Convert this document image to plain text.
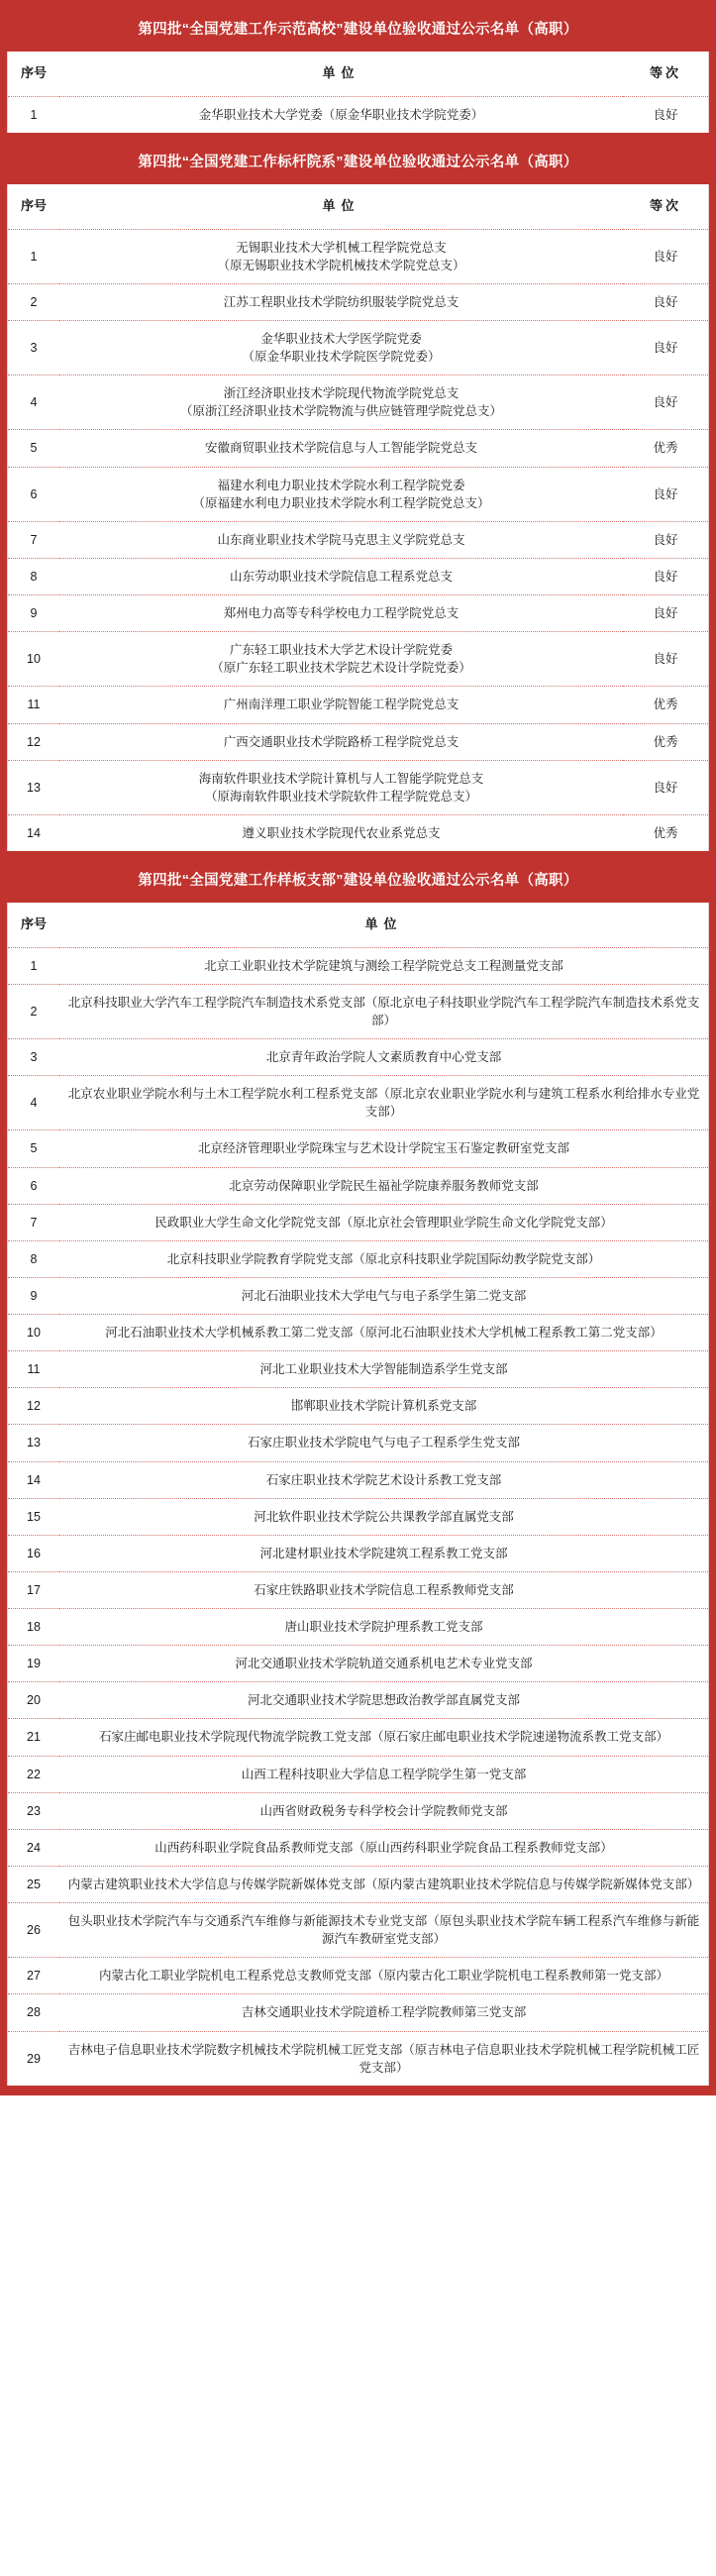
第四批“全国党建工作示范高校”建设单位验收通过公示名单（高职）
序号	单位	等次
1	金华职业技术大学党委（原金华职业技术学院党委）	良好
第四批“全国党建工作标杆院系”建设单位验收通过公示名单（高职）
序号	单位	等次
1	无锡职业技术大学机械工程学院党总支
（原无锡职业技术学院机械技术学院党总支）	良好
2	江苏工程职业技术学院纺织服装学院党总支	良好
3	金华职业技术大学医学院党委
（原金华职业技术学院医学院党委）	良好
4	浙江经济职业技术学院现代物流学院党总支
（原浙江经济职业技术学院物流与供应链管理学院党总支）	良好
5	安徽商贸职业技术学院信息与人工智能学院党总支	优秀
6	福建水利电力职业技术学院水利工程学院党委
（原福建水利电力职业技术学院水利工程学院党总支）	良好
7	山东商业职业技术学院马克思主义学院党总支	良好
8	山东劳动职业技术学院信息工程系党总支	良好
9	郑州电力高等专科学校电力工程学院党总支	良好
10	广东轻工职业技术大学艺术设计学院党委
（原广东轻工职业技术学院艺术设计学院党委）	良好
11	广州南洋理工职业学院智能工程学院党总支	优秀
12	广西交通职业技术学院路桥工程学院党总支	优秀
13	海南软件职业技术学院计算机与人工智能学院党总支
（原海南软件职业技术学院软件工程学院党总支）	良好
14	遵义职业技术学院现代农业系党总支	优秀
第四批“全国党建工作样板支部”建设单位验收通过公示名单（高职）
序号	单位
1	北京工业职业技术学院建筑与测绘工程学院党总支工程测量党支部

2	北京科技职业大学汽车工程学院汽车制造技术系党支部（原北京电子科技职业学院汽车工程学院汽车制造技术系党支部）

3	北京青年政治学院人文素质教育中心党支部

4	北京农业职业学院水利与土木工程学院水利工程系党支部（原北京农业职业学院水利与建筑工程系水利给排水专业党支部）

5	北京经济管理职业学院珠宝与艺术设计学院宝玉石鉴定教研室党支部

6	北京劳动保障职业学院民生福祉学院康养服务教师党支部

7	民政职业大学生命文化学院党支部（原北京社会管理职业学院生命文化学院党支部）

8	北京科技职业学院教育学院党支部（原北京科技职业学院国际幼教学院党支部）

9	河北石油职业技术大学电气与电子系学生第二党支部

10	河北石油职业技术大学机械系教工第二党支部（原河北石油职业技术大学机械工程系教工第二党支部）

11	河北工业职业技术大学智能制造系学生党支部

12	邯郸职业技术学院计算机系党支部

13	石家庄职业技术学院电气与电子工程系学生党支部

14	石家庄职业技术学院艺术设计系教工党支部

15	河北软件职业技术学院公共课教学部直属党支部

16	河北建材职业技术学院建筑工程系教工党支部

17	石家庄铁路职业技术学院信息工程系教师党支部

18	唐山职业技术学院护理系教工党支部

19	河北交通职业技术学院轨道交通系机电艺术专业党支部

20	河北交通职业技术学院思想政治教学部直属党支部

21	石家庄邮电职业技术学院现代物流学院教工党支部（原石家庄邮电职业技术学院速递物流系教工党支部）

22	山西工程科技职业大学信息工程学院学生第一党支部

23	山西省财政税务专科学校会计学院教师党支部

24	山西药科职业学院食品系教师党支部（原山西药科职业学院食品工程系教师党支部）

25	内蒙古建筑职业技术大学信息与传媒学院新媒体党支部（原内蒙古建筑职业技术学院信息与传媒学院新媒体党支部）

26	包头职业技术学院汽车与交通系汽车维修与新能源技术专业党支部（原包头职业技术学院车辆工程系汽车维修与新能源汽车教研室党支部）

27	内蒙古化工职业学院机电工程系党总支教师党支部（原内蒙古化工职业学院机电工程系教师第一党支部）

28	吉林交通职业技术学院道桥工程学院教师第三党支部

29	吉林电子信息职业技术学院数字机械技术学院机械工匠党支部（原吉林电子信息职业技术学院机械工程学院机械工匠党支部）
